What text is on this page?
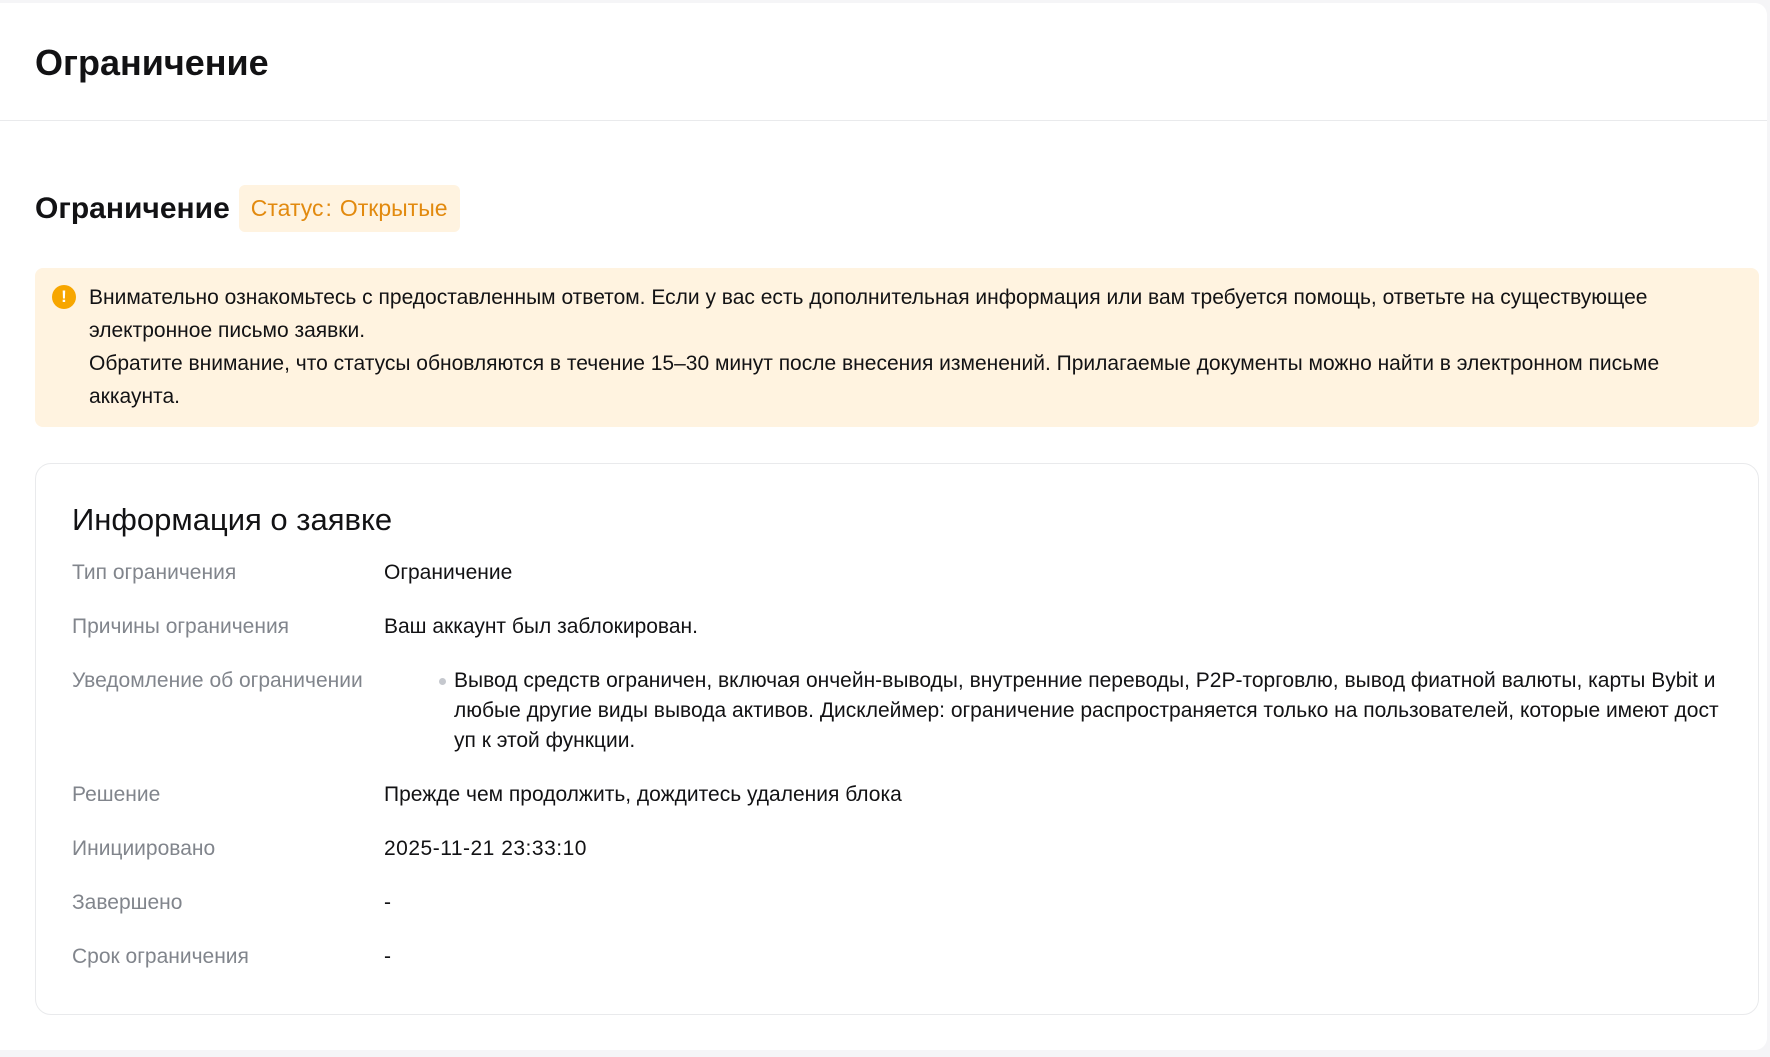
Ограничение
Ограничение Статус : Открытые
!	Внимательно ознакомьтесь с предоставленным ответом. Если у вас есть дополнительная информация или вам требуется помощь, ответьте на существующее электронное письмо заявки.

Обратите внимание, что статусы обновляются в течение 15–30 минут после внесения изменений. Прилагаемые документы можно найти в электронном письме аккаунта.

Информация о заявке
Тип ограничения	Ограничение
Причины ограничения	Ваш аккаунт был заблокирован.
Уведомление об ограничении	Вывод средств ограничен, включая ончейн-выводы, внутренние переводы, P2P-торговлю, вывод фиатной валюты, карты Bybit и любые другие виды вывода активов. Дисклеймер: ограничение распространяется только на пользователей, которые имеют доступ к этой функции.
Решение	Прежде чем продолжить, дождитесь удаления блока
Инициировано	2025-11-21 23:33:10
Завершено	-
Срок ограничения	-
